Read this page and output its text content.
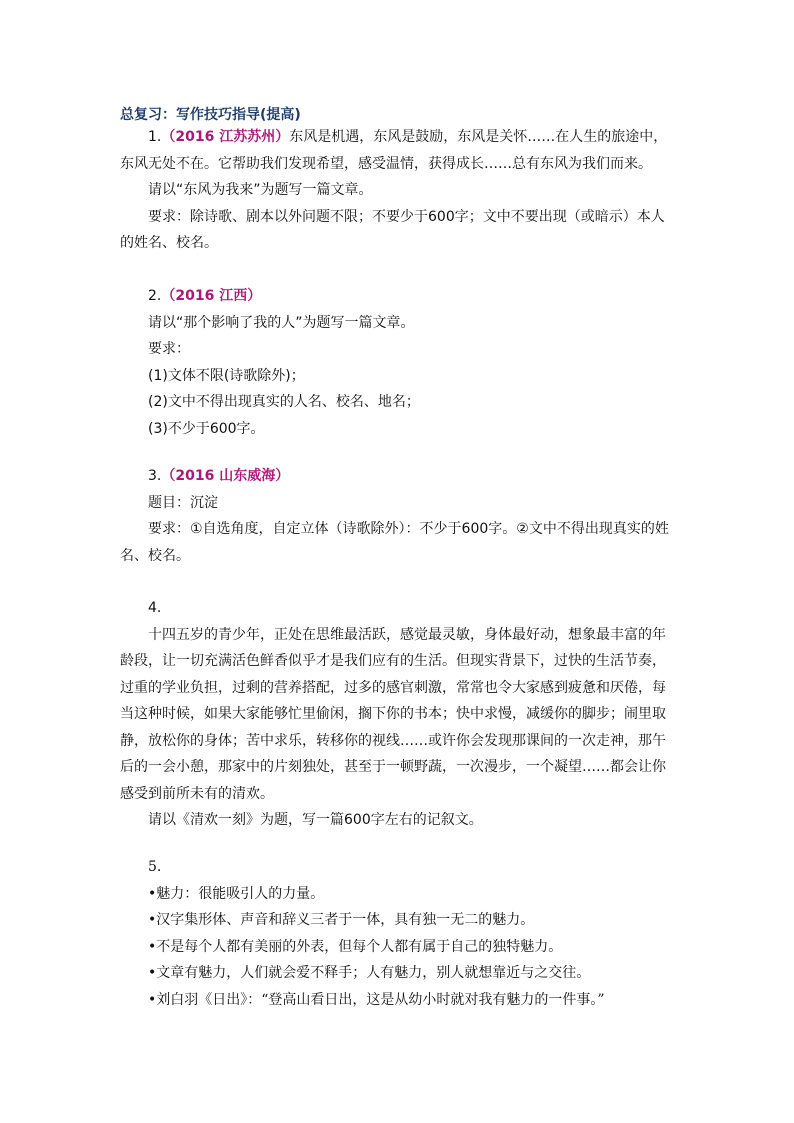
总复习：写作技巧指导(提高)

1.（2016 江苏苏州）东风是机遇，东风是鼓励，东风是关怀……在人生的旅途中，东风无处不在。它帮助我们发现希望，感受温情，获得成长……总有东风为我们而来。

请以“东风为我来”为题写一篇文章。

要求：除诗歌、剧本以外问题不限；不要少于600字；文中不要出现（或暗示）本人的姓名、校名。

2.（2016 江西）

请以“那个影响了我的人”为题写一篇文章。

要求：

(1)文体不限(诗歌除外)；

(2)文中不得出现真实的人名、校名、地名；

(3)不少于600字。

3.（2016 山东威海）

题目：沉淀

要求：①自选角度，自定立体（诗歌除外）：不少于600字。②文中不得出现真实的姓名、校名。

4.

十四五岁的青少年，正处在思维最活跃，感觉最灵敏，身体最好动，想象最丰富的年龄段，让一切充满活色鲜香似乎才是我们应有的生活。但现实背景下，过快的生活节奏，过重的学业负担，过剩的营养搭配，过多的感官刺激，常常也令大家感到疲惫和厌倦，每当这种时候，如果大家能够忙里偷闲，搁下你的书本；快中求慢，减缓你的脚步；闹里取静，放松你的身体；苦中求乐，转移你的视线……或许你会发现那课间的一次走神，那午后的一会小憩，那家中的片刻独处，甚至于一顿野蔬，一次漫步，一个凝望……都会让你感受到前所未有的清欢。

请以《清欢一刻》为题，写一篇600字左右的记叙文。

5.

•魅力：很能吸引人的力量。

•汉字集形体、声音和辞义三者于一体，具有独一无二的魅力。

•不是每个人都有美丽的外表，但每个人都有属于自己的独特魅力。

•文章有魅力，人们就会爱不释手；人有魅力，别人就想靠近与之交往。

•刘白羽《日出》：“登高山看日出，这是从幼小时就对我有魅力的一件事。”
